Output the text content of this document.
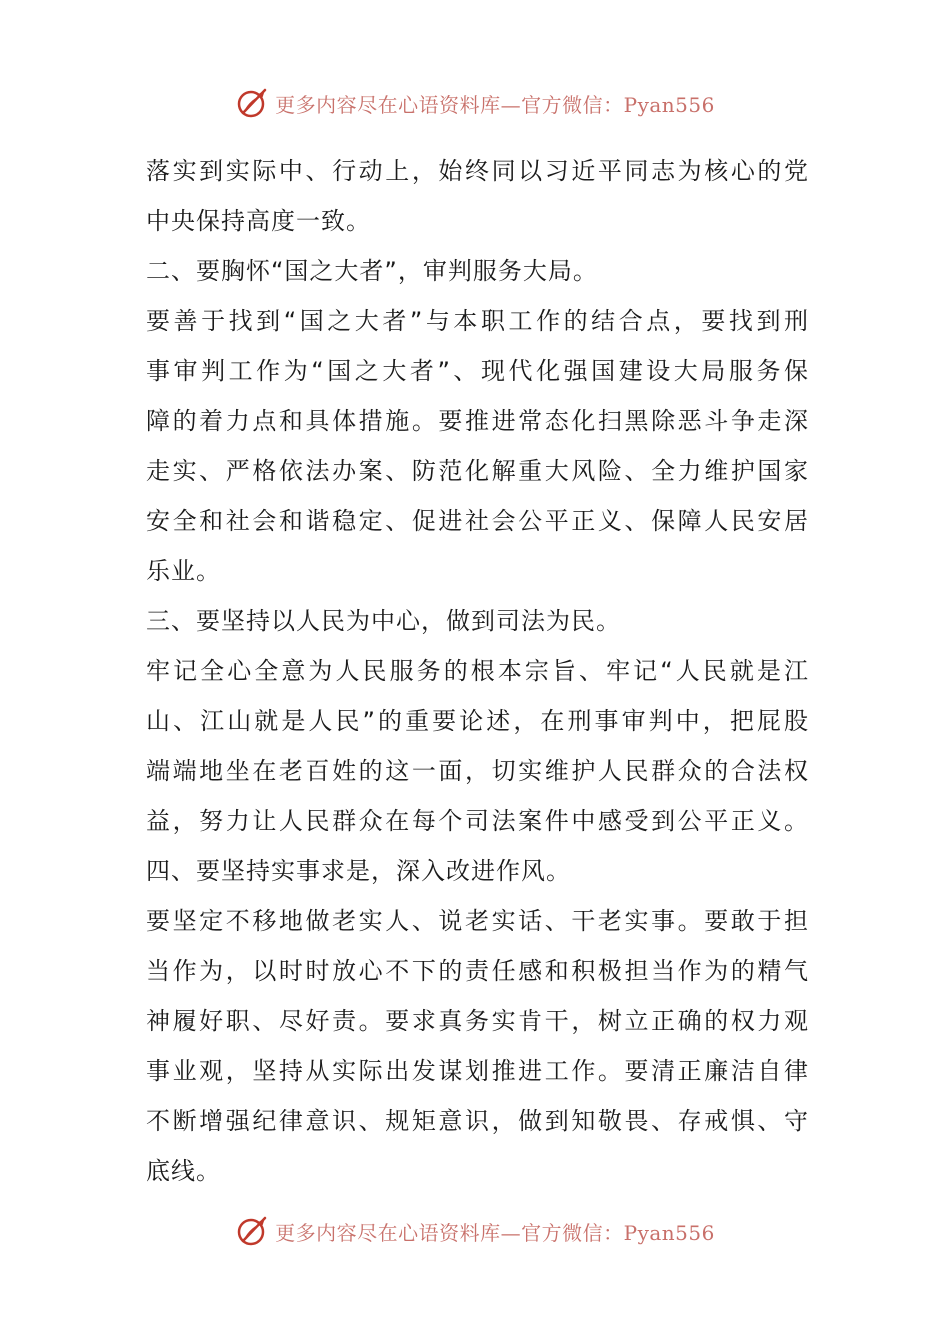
更多内容尽在心语资料库—官方微信：Pyan556
落实到实际中、行动上，始终同以习近平同志为核心的党
中央保持高度一致。
二、要胸怀“国之大者”，审判服务大局。
要善于找到“国之大者”与本职工作的结合点，要找到刑
事审判工作为“国之大者”、现代化强国建设大局服务保
障的着力点和具体措施。要推进常态化扫黑除恶斗争走深
走实、严格依法办案、防范化解重大风险、全力维护国家
安全和社会和谐稳定、促进社会公平正义、保障人民安居
乐业。
三、要坚持以人民为中心，做到司法为民。
牢记全心全意为人民服务的根本宗旨、牢记“人民就是江
山、江山就是人民”的重要论述，在刑事审判中，把屁股
端端地坐在老百姓的这一面，切实维护人民群众的合法权
益，努力让人民群众在每个司法案件中感受到公平正义。
四、要坚持实事求是，深入改进作风。
要坚定不移地做老实人、说老实话、干老实事。要敢于担
当作为，以时时放心不下的责任感和积极担当作为的精气
神履好职、尽好责。要求真务实肯干，树立正确的权力观
事业观，坚持从实际出发谋划推进工作。要清正廉洁自律
不断增强纪律意识、规矩意识，做到知敬畏、存戒惧、守
底线。
更多内容尽在心语资料库—官方微信：Pyan556
